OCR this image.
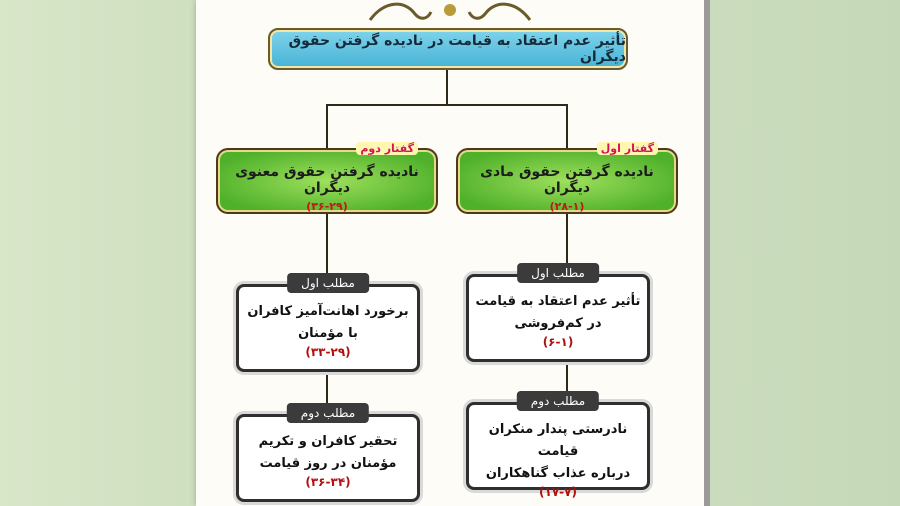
تأثیر عدم اعتقاد به قیامت در نادیده گرفتن حقوق دیگران
گفتار اول
نادیده گرفتن حقوق مادی دیگران
(۲۸-۱)
گفتار دوم
نادیده گرفتن حقوق معنوی دیگران
(۳۶-۲۹)
مطلب اول
تأثیر عدم اعتقاد به قیامت
در کم‌فروشی
(۶-۱)
مطلب دوم
نادرستی پندار منکران قیامت
درباره عذاب گناهکاران
(۱۷-۷)
مطلب اول
برخورد اهانت‌آمیز کافران
با مؤمنان
(۳۳-۲۹)
مطلب دوم
تحقیر کافران و تکریم
مؤمنان در روز قیامت
(۳۶-۳۴)
